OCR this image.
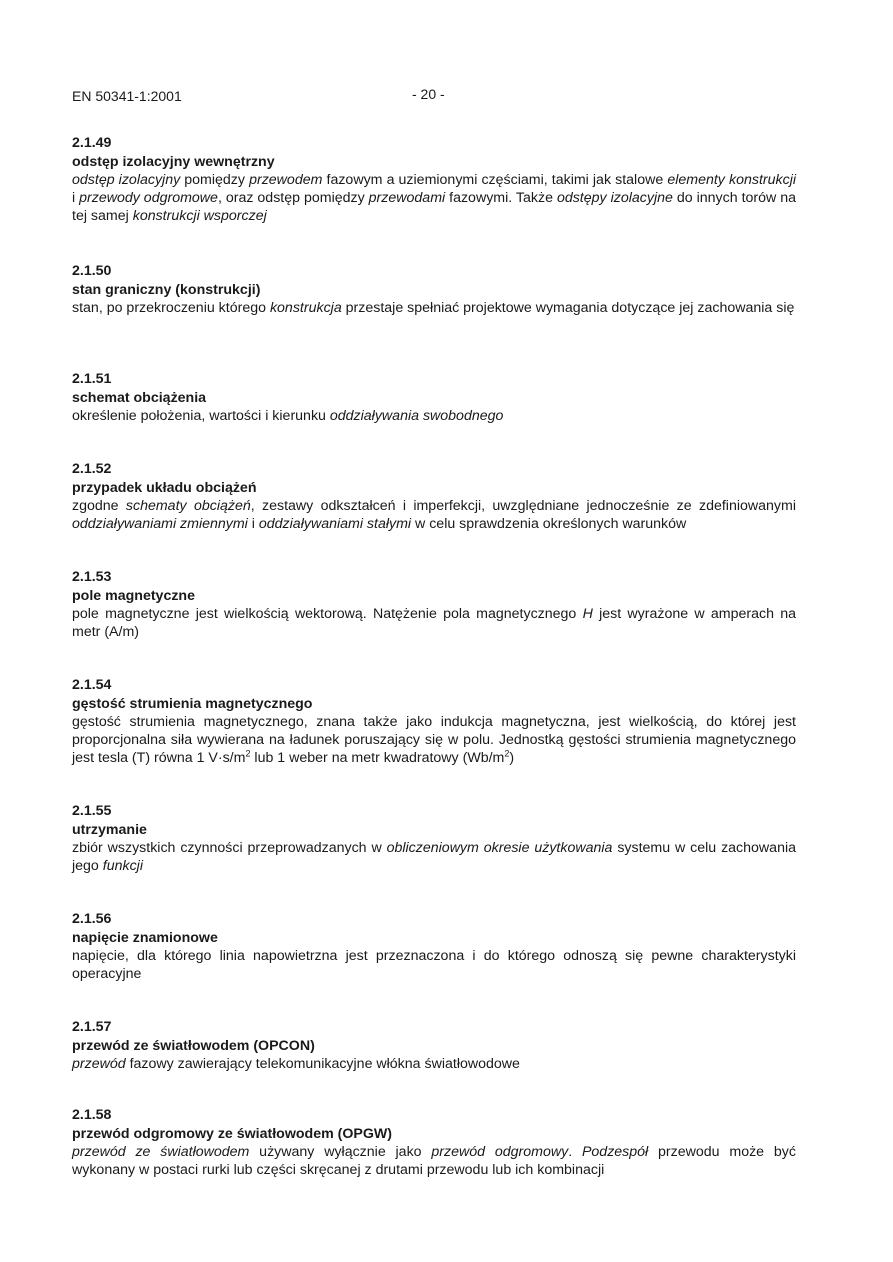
EN 50341-1:2001	- 20 -
2.1.49
odstęp izolacyjny wewnętrzny
odstęp izolacyjny pomiędzy przewodem fazowym a uziemionymi częściami, takimi jak stalowe elementy konstrukcji i przewody odgromowe, oraz odstęp pomiędzy przewodami fazowymi. Także odstępy izolacyjne do innych torów na tej samej konstrukcji wsporczej
2.1.50
stan graniczny (konstrukcji)
stan, po przekroczeniu którego konstrukcja przestaje spełniać projektowe wymagania dotyczące jej zachowania się
2.1.51
schemat obciążenia
określenie położenia, wartości i kierunku oddziaływania swobodnego
2.1.52
przypadek układu obciążeń
zgodne schematy obciążeń, zestawy odkształceń i imperfekcji, uwzględniane jednocześnie ze zdefiniowanymi oddziaływaniami zmiennymi i oddziaływaniami stałymi w celu sprawdzenia określonych warunków
2.1.53
pole magnetyczne
pole magnetyczne jest wielkością wektorową. Natężenie pola magnetycznego H jest wyrażone w amperach na metr (A/m)
2.1.54
gęstość strumienia magnetycznego
gęstość strumienia magnetycznego, znana także jako indukcja magnetyczna, jest wielkością, do której jest proporcjonalna siła wywierana na ładunek poruszający się w polu. Jednostką gęstości strumienia magnetycznego jest tesla (T) równa 1 $V\cdot s/m^2$ lub 1 weber na metr kwadratowy $(Wb/m^2)$
2.1.55
utrzymanie
zbiór wszystkich czynności przeprowadzanych w obliczeniowym okresie użytkowania systemu w celu zachowania jego funkcji
2.1.56
napięcie znamionowe
napięcie, dla którego linia napowietrzna jest przeznaczona i do którego odnoszą się pewne charakterystyki operacyjne
2.1.57
przewód ze światłowodem (OPCON)
przewód fazowy zawierający telekomunikacyjne włókna światłowodowe
2.1.58
przewód odgromowy ze światłowodem (OPGW)
przewód ze światłowodem używany wyłącznie jako przewód odgromowy. Podzespół przewodu może być wykonany w postaci rurki lub części skręcanej z drutami przewodu lub ich kombinacji
